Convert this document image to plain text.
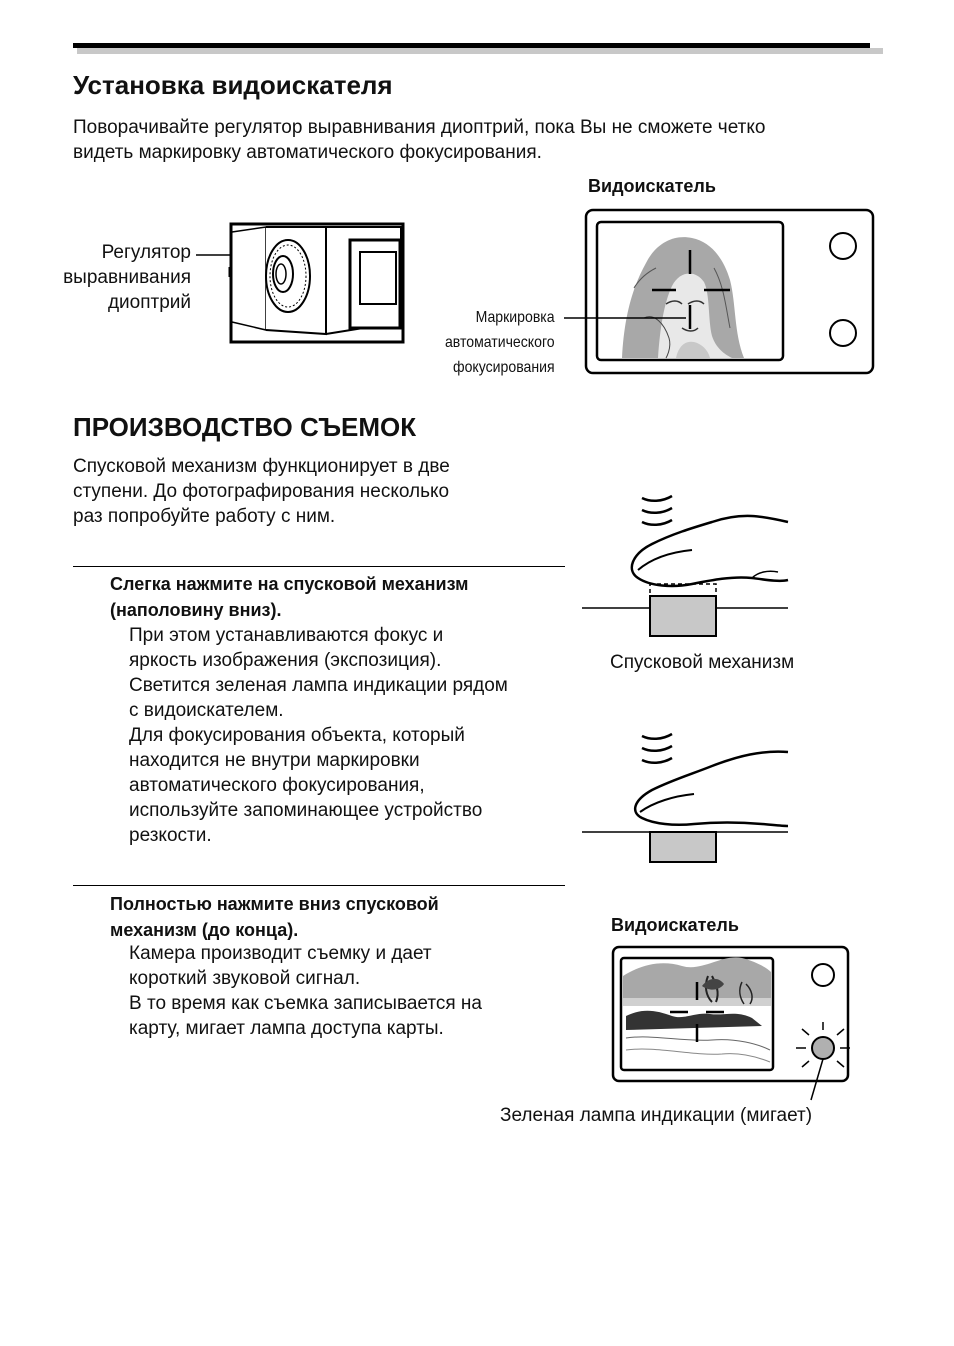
Установка видоискателя
Поворачивайте регулятор выравнивания диоптрий, пока Вы не сможете четко
видеть маркировку автоматического фокусирования.
Видоискатель
Регулятор
выравнивания
диоптрий
Маркировка
автоматического
фокусирования
ПРОИЗВОДСТВО СЪЕМОК
Спусковой механизм функционирует в две
ступени. До фотографирования несколько
раз попробуйте работу с ним.
Слегка нажмите на спусковой механизм
(наполовину вниз).
При этом устанавливаются фокус и
яркость изображения (экспозиция).
Светится зеленая лампа индикации рядом
с видоискателем.
Для фокусирования объекта, который
находится не внутри маркировки
автоматического фокусирования,
используйте запоминающее устройство
резкости.
Спусковой механизм
Полностью нажмите вниз спусковой
механизм (до конца).
Камера производит съемку и дает
короткий звуковой сигнал.
В то время как съемка записывается на
карту, мигает лампа доступа карты.
Видоискатель
Зеленая лампа индикации (мигает)
